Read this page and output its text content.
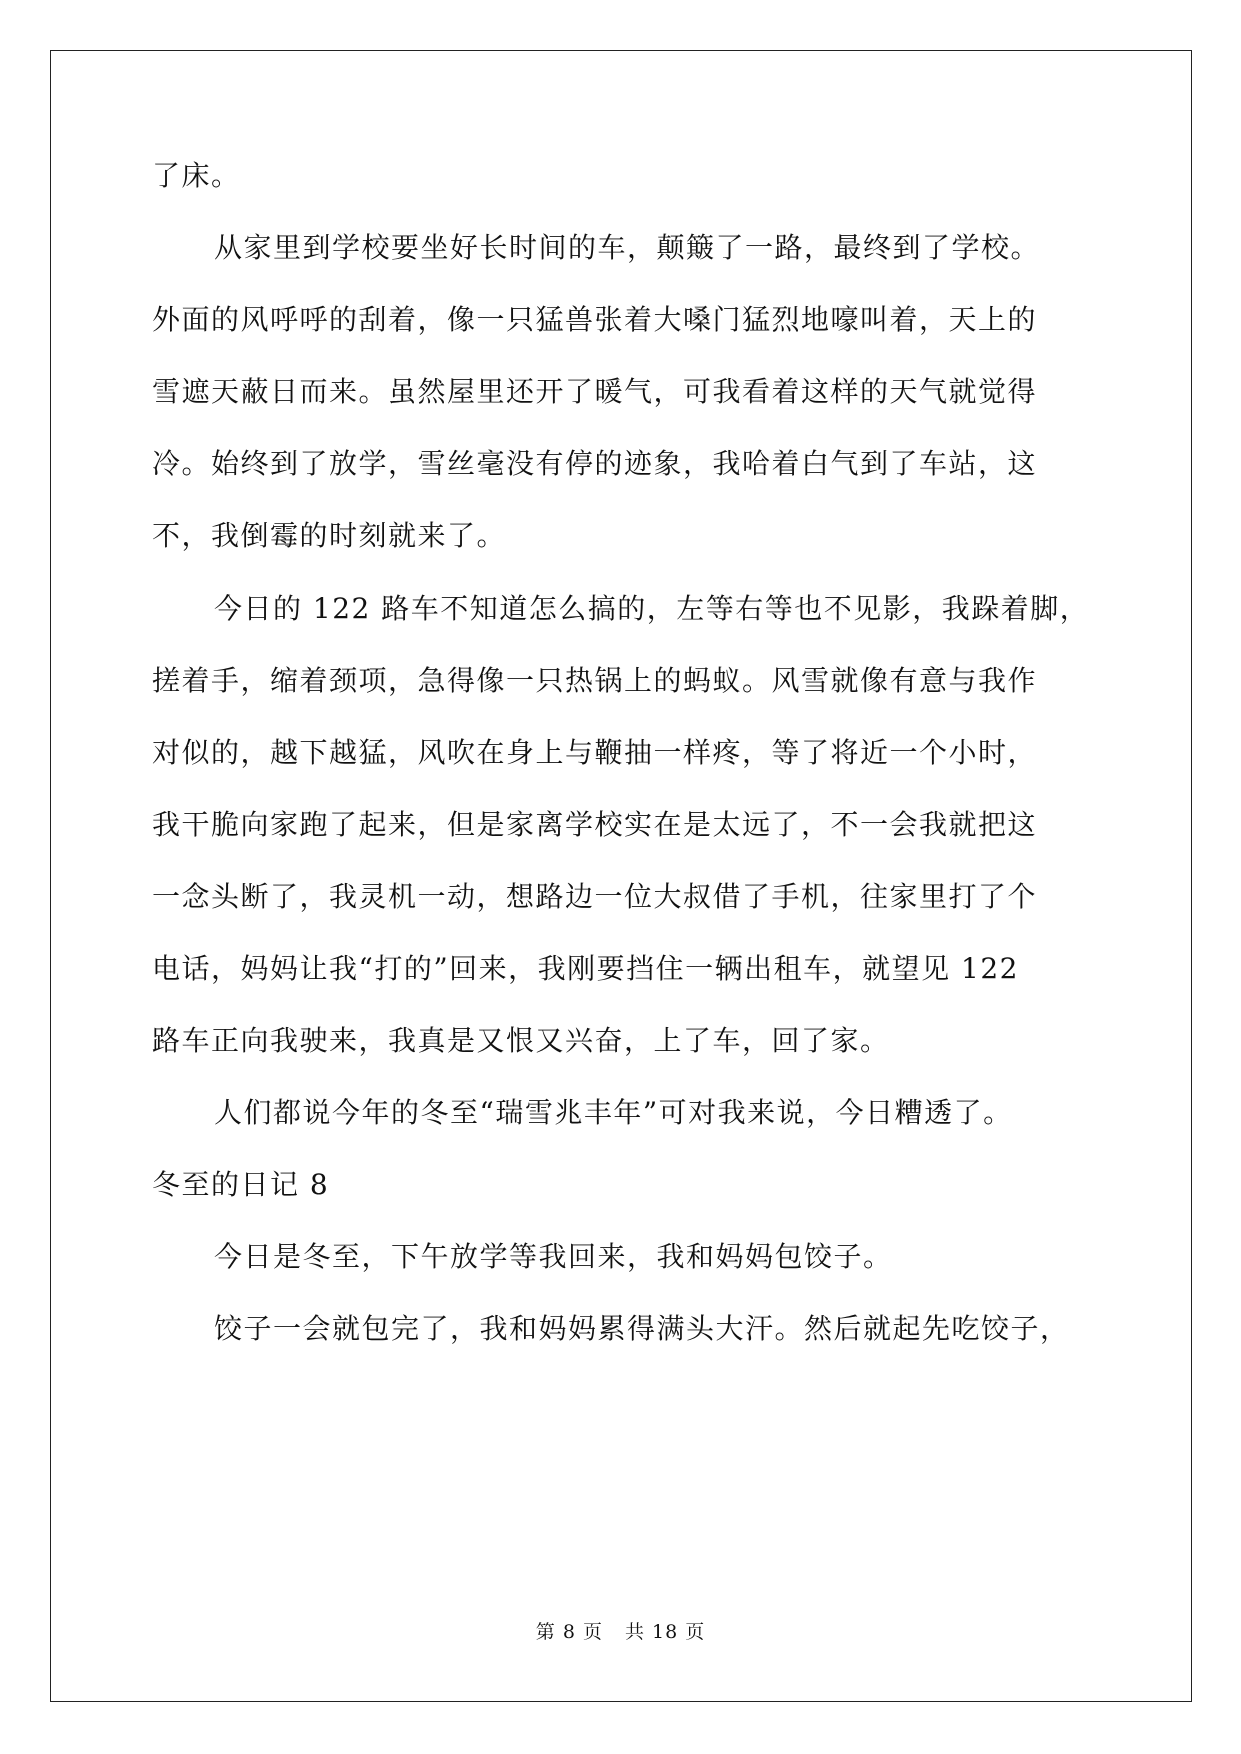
了床。
从家里到学校要坐好长时间的车，颠簸了一路，最终到了学校。
外面的风呼呼的刮着，像一只猛兽张着大嗓门猛烈地嚎叫着，天上的
雪遮天蔽日而来。虽然屋里还开了暖气，可我看着这样的天气就觉得
冷。始终到了放学，雪丝毫没有停的迹象，我哈着白气到了车站，这
不，我倒霉的时刻就来了。
今日的 122 路车不知道怎么搞的，左等右等也不见影，我跺着脚，
搓着手，缩着颈项，急得像一只热锅上的蚂蚁。风雪就像有意与我作
对似的，越下越猛，风吹在身上与鞭抽一样疼，等了将近一个小时，
我干脆向家跑了起来，但是家离学校实在是太远了，不一会我就把这
一念头断了，我灵机一动，想路边一位大叔借了手机，往家里打了个
电话，妈妈让我“打的”回来，我刚要挡住一辆出租车，就望见 122
路车正向我驶来，我真是又恨又兴奋，上了车，回了家。
人们都说今年的冬至“瑞雪兆丰年”可对我来说，今日糟透了。
冬至的日记 8
今日是冬至，下午放学等我回来，我和妈妈包饺子。
饺子一会就包完了，我和妈妈累得满头大汗。然后就起先吃饺子，
第 8 页 共 18 页
